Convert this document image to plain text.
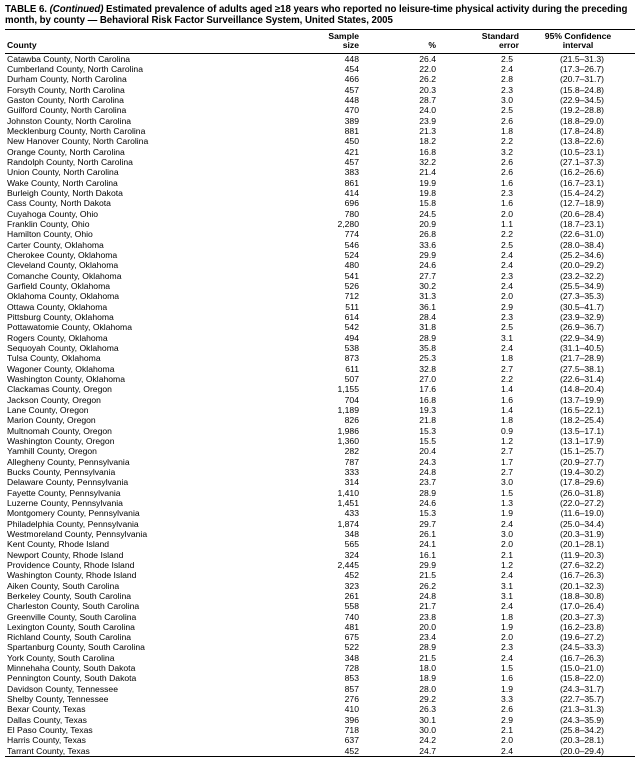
TABLE 6. (Continued) Estimated prevalence of adults aged ≥18 years who reported no leisure-time physical activity during the preceding month, by county — Behavioral Risk Factor Surveillance System, United States, 2005
County	Sample
size	%	Standard
error	95% Confidence
interval
Catawba County, North Carolina	448	26.4	2.5	(21.5–31.3)
Cumberland County, North Carolina	454	22.0	2.4	(17.3–26.7)
Durham County, North Carolina	466	26.2	2.8	(20.7–31.7)
Forsyth County, North Carolina	457	20.3	2.3	(15.8–24.8)
Gaston County, North Carolina	448	28.7	3.0	(22.9–34.5)
Guilford County, North Carolina	470	24.0	2.5	(19.2–28.8)
Johnston County, North Carolina	389	23.9	2.6	(18.8–29.0)
Mecklenburg County, North Carolina	881	21.3	1.8	(17.8–24.8)
New Hanover County, North Carolina	450	18.2	2.2	(13.8–22.6)
Orange County, North Carolina	421	16.8	3.2	(10.5–23.1)
Randolph County, North Carolina	457	32.2	2.6	(27.1–37.3)
Union County, North Carolina	383	21.4	2.6	(16.2–26.6)
Wake County, North Carolina	861	19.9	1.6	(16.7–23.1)
Burleigh County, North Dakota	414	19.8	2.3	(15.4–24.2)
Cass County, North Dakota	696	15.8	1.6	(12.7–18.9)
Cuyahoga County, Ohio	780	24.5	2.0	(20.6–28.4)
Franklin County, Ohio	2,280	20.9	1.1	(18.7–23.1)
Hamilton County, Ohio	774	26.8	2.2	(22.6–31.0)
Carter County, Oklahoma	546	33.6	2.5	(28.0–38.4)
Cherokee County, Oklahoma	524	29.9	2.4	(25.2–34.6)
Cleveland County, Oklahoma	480	24.6	2.4	(20.0–29.2)
Comanche County, Oklahoma	541	27.7	2.3	(23.2–32.2)
Garfield County, Oklahoma	526	30.2	2.4	(25.5–34.9)
Oklahoma County, Oklahoma	712	31.3	2.0	(27.3–35.3)
Ottawa County, Oklahoma	511	36.1	2.9	(30.5–41.7)
Pittsburg County, Oklahoma	614	28.4	2.3	(23.9–32.9)
Pottawatomie County, Oklahoma	542	31.8	2.5	(26.9–36.7)
Rogers County, Oklahoma	494	28.9	3.1	(22.9–34.9)
Sequoyah County, Oklahoma	538	35.8	2.4	(31.1–40.5)
Tulsa County, Oklahoma	873	25.3	1.8	(21.7–28.9)
Wagoner County, Oklahoma	611	32.8	2.7	(27.5–38.1)
Washington County, Oklahoma	507	27.0	2.2	(22.6–31.4)
Clackamas County, Oregon	1,155	17.6	1.4	(14.8–20.4)
Jackson County, Oregon	704	16.8	1.6	(13.7–19.9)
Lane County, Oregon	1,189	19.3	1.4	(16.5–22.1)
Marion County, Oregon	826	21.8	1.8	(18.2–25.4)
Multnomah County, Oregon	1,986	15.3	0.9	(13.5–17.1)
Washington County, Oregon	1,360	15.5	1.2	(13.1–17.9)
Yamhill County, Oregon	282	20.4	2.7	(15.1–25.7)
Allegheny County, Pennsylvania	787	24.3	1.7	(20.9–27.7)
Bucks County, Pennsylvania	333	24.8	2.7	(19.4–30.2)
Delaware County, Pennsylvania	314	23.7	3.0	(17.8–29.6)
Fayette County, Pennsylvania	1,410	28.9	1.5	(26.0–31.8)
Luzerne County, Pennsylvania	1,451	24.6	1.3	(22.0–27.2)
Montgomery County, Pennsylvania	433	15.3	1.9	(11.6–19.0)
Philadelphia County, Pennsylvania	1,874	29.7	2.4	(25.0–34.4)
Westmoreland County, Pennsylvania	348	26.1	3.0	(20.3–31.9)
Kent County, Rhode Island	565	24.1	2.0	(20.1–28.1)
Newport County, Rhode Island	324	16.1	2.1	(11.9–20.3)
Providence County, Rhode Island	2,445	29.9	1.2	(27.6–32.2)
Washington County, Rhode Island	452	21.5	2.4	(16.7–26.3)
Aiken County, South Carolina	323	26.2	3.1	(20.1–32.3)
Berkeley County, South Carolina	261	24.8	3.1	(18.8–30.8)
Charleston County, South Carolina	558	21.7	2.4	(17.0–26.4)
Greenville County, South Carolina	740	23.8	1.8	(20.3–27.3)
Lexington County, South Carolina	481	20.0	1.9	(16.2–23.8)
Richland County, South Carolina	675	23.4	2.0	(19.6–27.2)
Spartanburg County, South Carolina	522	28.9	2.3	(24.5–33.3)
York County, South Carolina	348	21.5	2.4	(16.7–26.3)
Minnehaha County, South Dakota	728	18.0	1.5	(15.0–21.0)
Pennington County, South Dakota	853	18.9	1.6	(15.8–22.0)
Davidson County, Tennessee	857	28.0	1.9	(24.3–31.7)
Shelby County, Tennessee	276	29.2	3.3	(22.7–35.7)
Bexar County, Texas	410	26.3	2.6	(21.3–31.3)
Dallas County, Texas	396	30.1	2.9	(24.3–35.9)
El Paso County, Texas	718	30.0	2.1	(25.8–34.2)
Harris County, Texas	637	24.2	2.0	(20.3–28.1)
Tarrant County, Texas	452	24.7	2.4	(20.0–29.4)
